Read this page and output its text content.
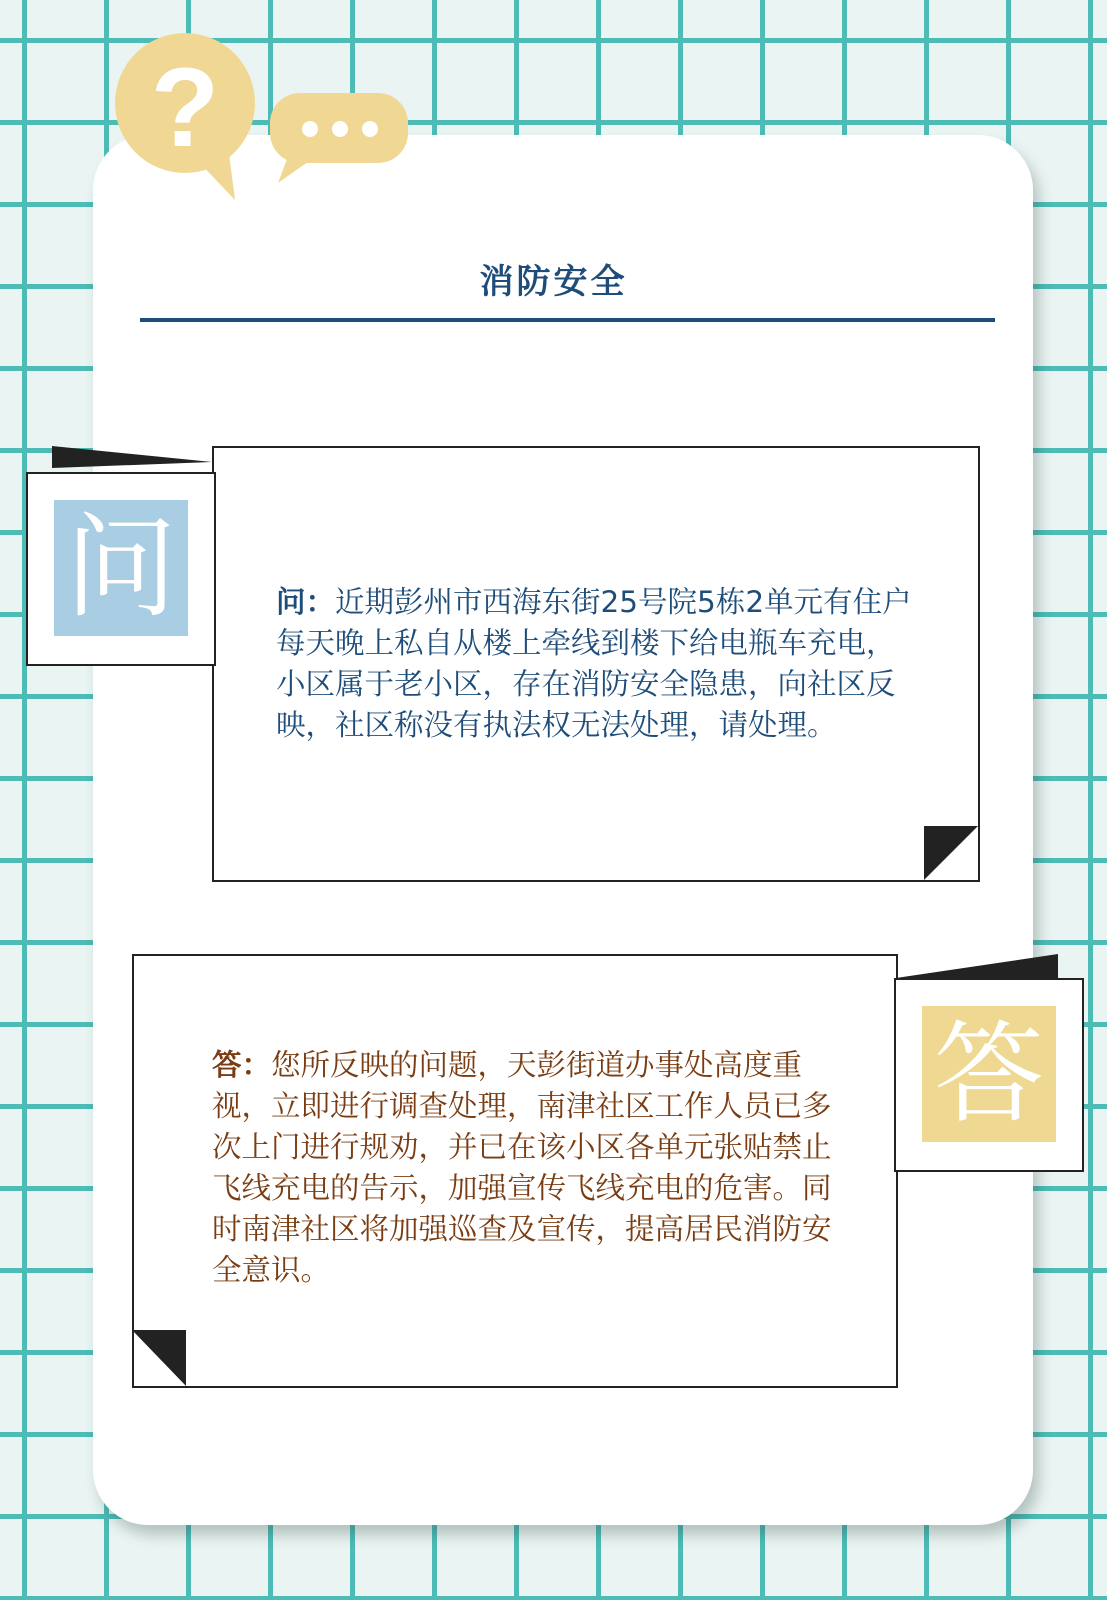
?
消防安全
问	问：近期彭州市西海东街25号院5栋2单元有住户每天晚上私自从楼上牵线到楼下给电瓶车充电，小区属于老小区，存在消防安全隐患，向社区反映，社区称没有执法权无法处理，请处理。

答

答：您所反映的问题，天彭街道办事处高度重视，立即进行调查处理，南津社区工作人员已多次上门进行规劝，并已在该小区各单元张贴禁止飞线充电的告示，加强宣传飞线充电的危害。同时南津社区将加强巡查及宣传，提高居民消防安全意识。
